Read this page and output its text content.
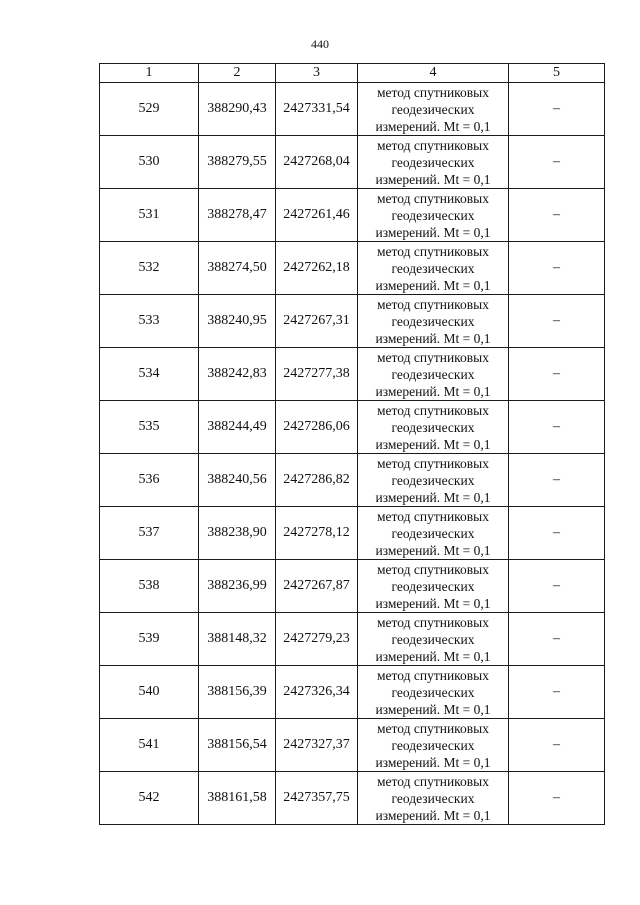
440
1	2	3	4	5
529	388290,43	2427331,54	метод спутниковых
геодезических
измерений. Mt = 0,1	–
530	388279,55	2427268,04	метод спутниковых
геодезических
измерений. Mt = 0,1	–
531	388278,47	2427261,46	метод спутниковых
геодезических
измерений. Mt = 0,1	–
532	388274,50	2427262,18	метод спутниковых
геодезических
измерений. Mt = 0,1	–
533	388240,95	2427267,31	метод спутниковых
геодезических
измерений. Mt = 0,1	–
534	388242,83	2427277,38	метод спутниковых
геодезических
измерений. Mt = 0,1	–
535	388244,49	2427286,06	метод спутниковых
геодезических
измерений. Mt = 0,1	–
536	388240,56	2427286,82	метод спутниковых
геодезических
измерений. Mt = 0,1	–
537	388238,90	2427278,12	метод спутниковых
геодезических
измерений. Mt = 0,1	–
538	388236,99	2427267,87	метод спутниковых
геодезических
измерений. Mt = 0,1	–
539	388148,32	2427279,23	метод спутниковых
геодезических
измерений. Mt = 0,1	–
540	388156,39	2427326,34	метод спутниковых
геодезических
измерений. Mt = 0,1	–
541	388156,54	2427327,37	метод спутниковых
геодезических
измерений. Mt = 0,1	–
542	388161,58	2427357,75	метод спутниковых
геодезических
измерений. Mt = 0,1	–
